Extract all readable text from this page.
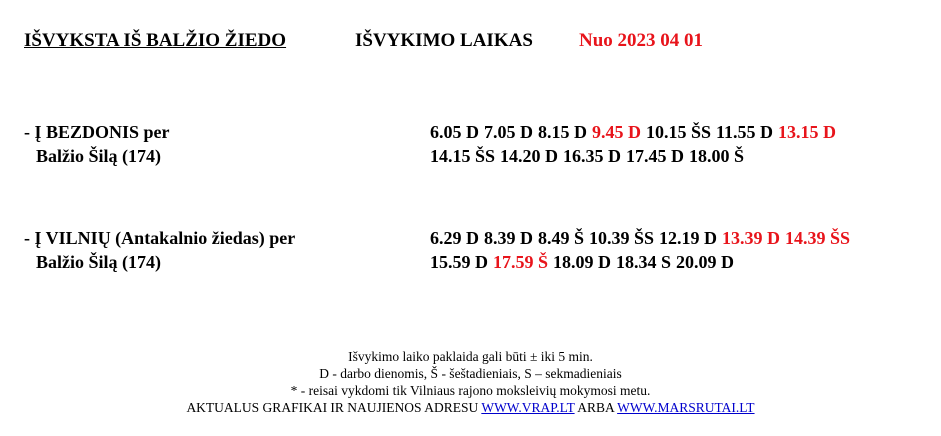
IŠVYKSTA IŠ BALŽIO ŽIEDO	IŠVYKIMO LAIKAS Nuo 2023 04 01
- Į BEZDONIS per
Balžio Šilą (174)
6.05 D 7.05 D 8.15 D 9.45 D 10.15 ŠS 11.55 D 13.15 D
14.15 ŠS 14.20 D 16.35 D 17.45 D 18.00 Š
- Į VILNIŲ (Antakalnio žiedas) per
Balžio Šilą (174)
6.29 D 8.39 D 8.49 Š 10.39 ŠS 12.19 D 13.39 D 14.39 ŠS
15.59 D 17.59 Š 18.09 D 18.34 S 20.09 D
Išvykimo laiko paklaida gali būti ± iki 5 min.
D - darbo dienomis, Š - šeštadieniais, S – sekmadieniais
* - reisai vykdomi tik Vilniaus rajono moksleivių mokymosi metu.
AKTUALUS GRAFIKAI IR NAUJIENOS ADRESU WWW.VRAP.LT ARBA WWW.MARSRUTAI.LT
